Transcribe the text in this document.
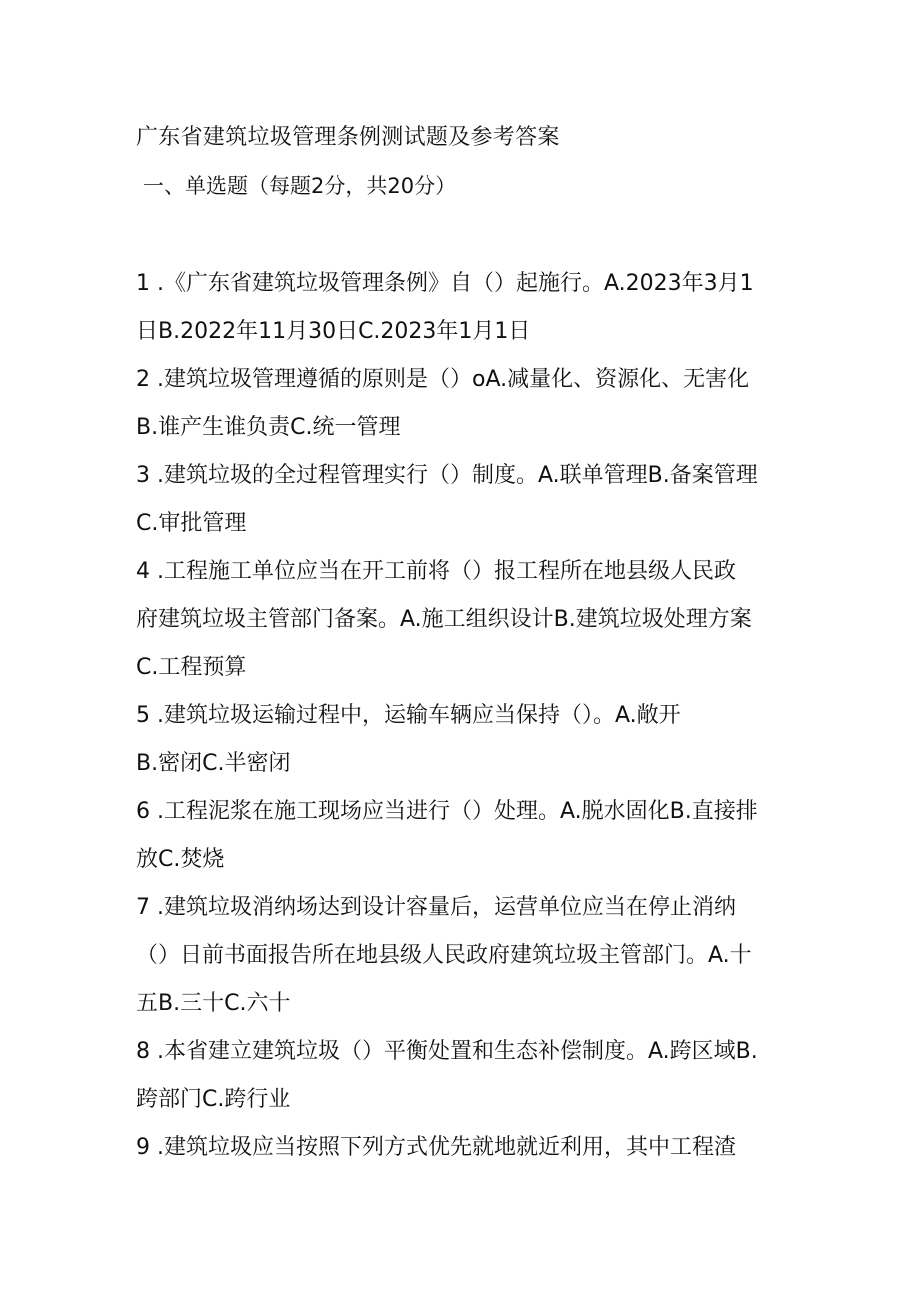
广东省建筑垃圾管理条例测试题及参考答案
一、单选题（每题2分，共20分）
1 .《广东省建筑垃圾管理条例》自（）起施行。A.2023年3月1
日B.2022年11月30日C.2023年1月1日
2 .建筑垃圾管理遵循的原则是（）oA.减量化、资源化、无害化
B.谁产生谁负责C.统一管理
3 .建筑垃圾的全过程管理实行（）制度。A.联单管理B.备案管理
C.审批管理
4 .工程施工单位应当在开工前将（）报工程所在地县级人民政
府建筑垃圾主管部门备案。A.施工组织设计B.建筑垃圾处理方案
C.工程预算
5 .建筑垃圾运输过程中，运输车辆应当保持（）。A.敞开
B.密闭C.半密闭
6 .工程泥浆在施工现场应当进行（）处理。A.脱水固化B.直接排
放C.焚烧
7 .建筑垃圾消纳场达到设计容量后，运营单位应当在停止消纳
（）日前书面报告所在地县级人民政府建筑垃圾主管部门。A.十
五B.三十C.六十
8 .本省建立建筑垃圾（）平衡处置和生态补偿制度。A.跨区域B.
跨部门C.跨行业
9 .建筑垃圾应当按照下列方式优先就地就近利用，其中工程渣
